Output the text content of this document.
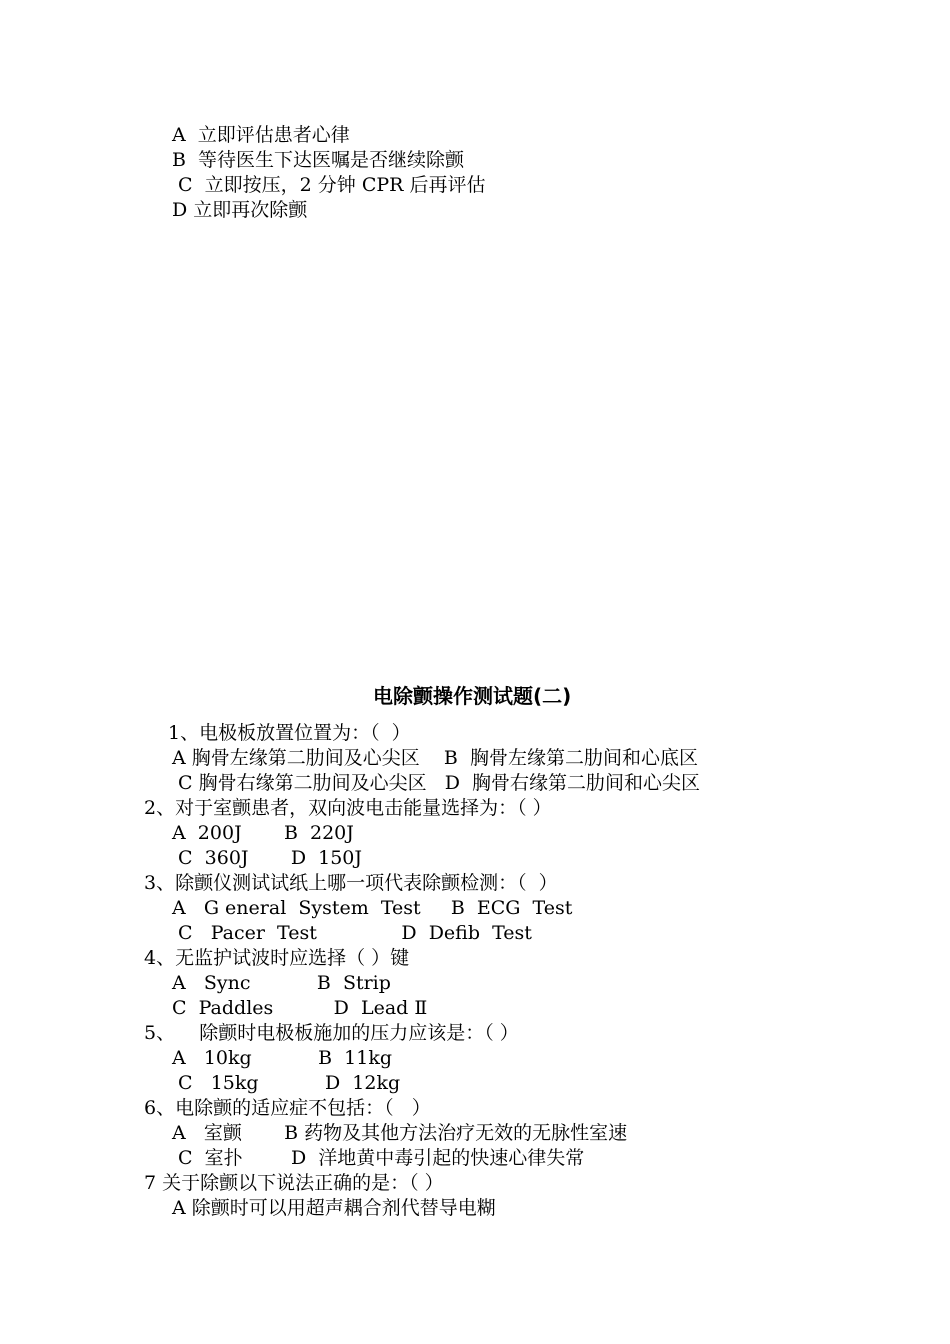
A  立即评估患者心律
B  等待医生下达医嘱是否继续除颤
C  立即按压，2 分钟 CPR 后再评估
D 立即再次除颤
电除颤操作测试题(二)
1、电极板放置位置为：（  ）
A 胸骨左缘第二肋间及心尖区    B  胸骨左缘第二肋间和心底区
C 胸骨右缘第二肋间及心尖区   D  胸骨右缘第二肋间和心尖区
2、对于室颤患者，双向波电击能量选择为：（ ）
A  200J       B  220J
C  360J       D  150J
3、除颤仪测试试纸上哪一项代表除颤检测：（  ）
A   G eneral  System  Test     B  ECG  Test
C   Pacer  Test              D  Defib  Test
4、无监护试波时应选择（ ）键
A   Sync           B  Strip
C  Paddles          D  Lead Ⅱ
5、    除颤时电极板施加的压力应该是：（ ）
A   10kg           B  11kg
C   15kg           D  12kg
6、电除颤的适应症不包括：（   ）
A   室颤       B 药物及其他方法治疗无效的无脉性室速
C  室扑        D  洋地黄中毒引起的快速心律失常
7 关于除颤以下说法正确的是：（ ）
A 除颤时可以用超声耦合剂代替导电糊
